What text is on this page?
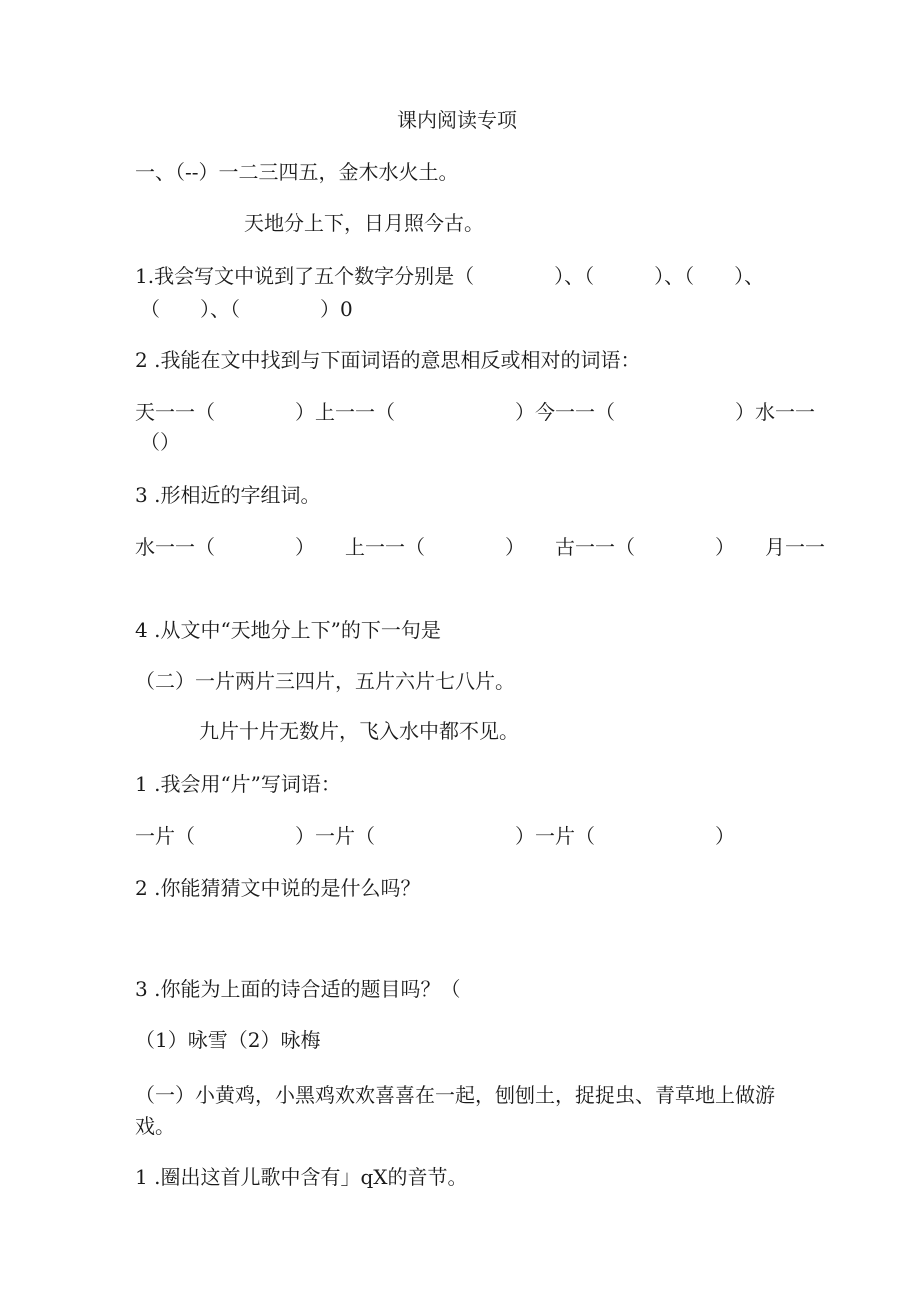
课内阅读专项
一、（--）一二三四五，金木水火土。
天地分上下，日月照今古。
1.我会写文中说到了五个数字分别是（　　　　）、（　　　）、（　　）、
（　　）、（　　　　）0
2 .我能在文中找到与下面词语的意思相反或相对的词语：
天一一（　　　　）上一一（　　　　　　）今一一（　　　　　　）水一一
（）
3 .形相近的字组词。
水一一（　　　　）　　上一一（　　　　）　　古一一（　　　　）　　月一一
4 .从文中“天地分上下”的下一句是
（二）一片两片三四片，五片六片七八片。
九片十片无数片，飞入水中都不见。
1 .我会用“片”写词语：
一片（　　　　　）一片（　　　　　　　）一片（　　　　　　）
2 .你能猜猜文中说的是什么吗？
3 .你能为上面的诗合适的题目吗？（
（1）咏雪（2）咏梅
（一）小黄鸡，小黑鸡欢欢喜喜在一起，刨刨土，捉捉虫、青草地上做游
戏。
1 .圈出这首儿歌中含有」qX的音节。
